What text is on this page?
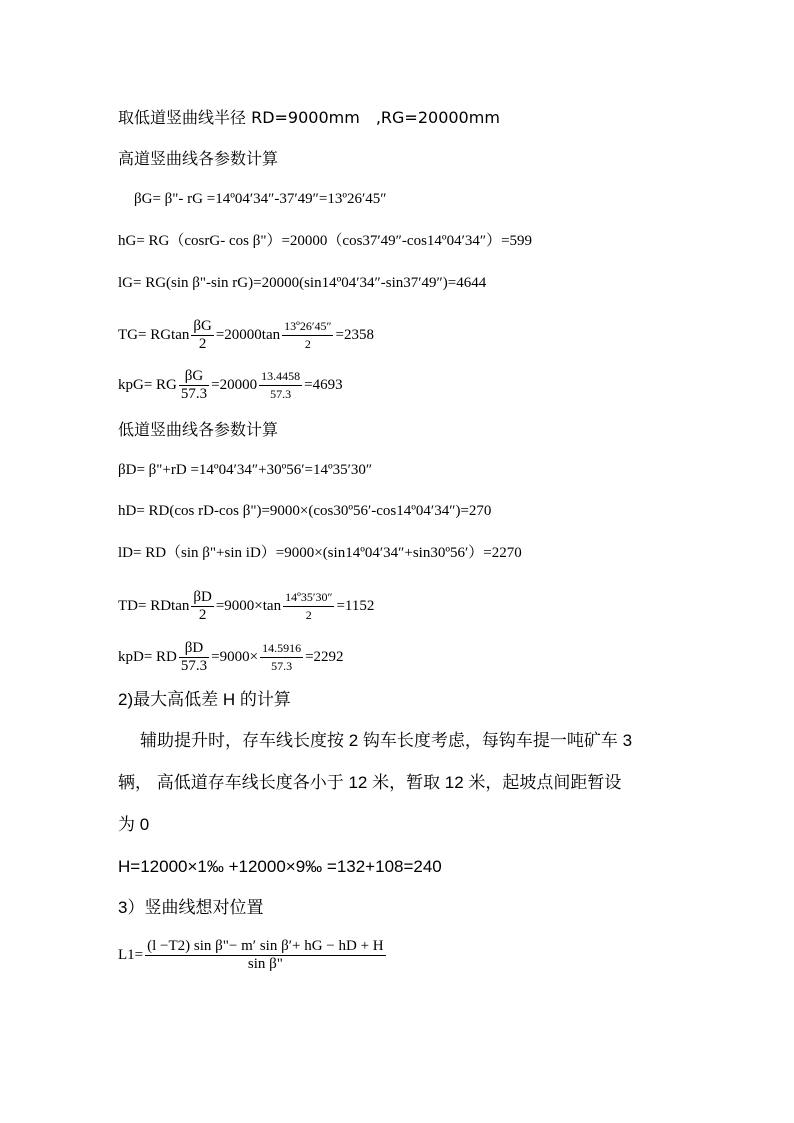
取低道竖曲线半径 RD=9000mm　,RG=20000mm
高道竖曲线各参数计算
βG= β"- rG =14º04′34″-37′49″=13º26′45″
hG= RG（cosrG- cos β"）=20000（cos37′49″-cos14º04′34″）=599
lG= RG(sin β"-sin rG)=20000(sin14º04′34″-sin37′49″)=4644
TG= RGtan $\frac{\beta G}{2} =20000\tan \frac{\text{13º26′45″}}{2} =2358$
kpG= RG $\frac{\beta G}{57.3} =20000 \frac{13.4458}{57.3} =4693$
低道竖曲线各参数计算
βD= β"+rD =14º04′34″+30º56′=14º35′30″
hD= RD(cos rD-cos β")=9000×(cos30º56′-cos14º04′34″)=270
lD= RD（sin β"+sin iD）=9000×(sin14º04′34″+sin30º56′）=2270
TD= RDtan $\frac{\beta D}{2} =9000\times\tan \frac{\text{14º35′30″}}{2} =1152$
kpD= RD $\frac{\beta D}{57.3} =9000\times \frac{14.5916}{57.3} =2292$
2)最大高低差 H 的计算
辅助提升时，存车线长度按 2 钩车长度考虑，每钩车提一吨矿车 3
辆， 高低道存车线长度各小于 12 米，暂取 12 米，起坡点间距暂设
为 0
H=12000×1‰ +12000×9‰ =132+108=240
3）竖曲线想对位置
$L1= \frac{\text{(l −T2) sin β"− m′ sin β′+ hG − hD + H}}{\text{sin β"}}$
